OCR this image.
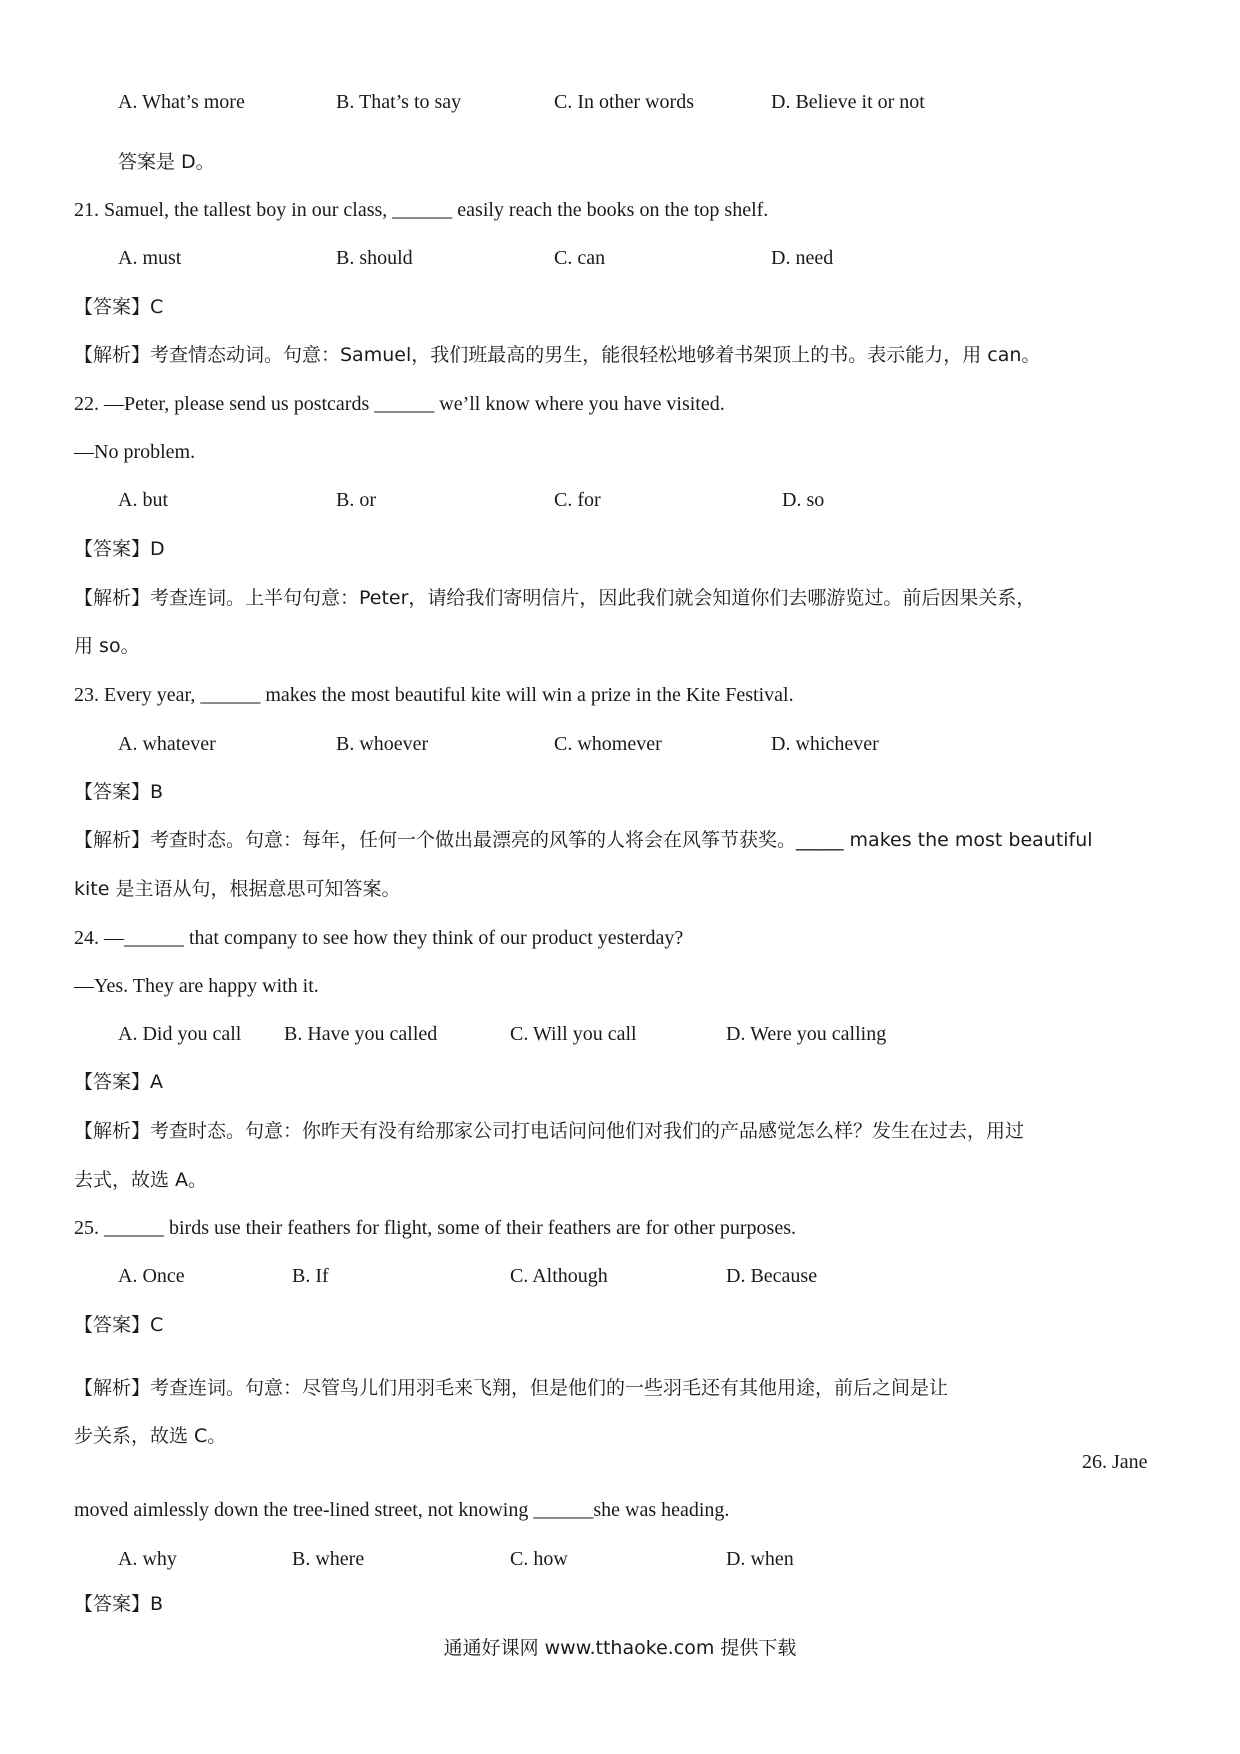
A. What’s more	B. That’s to say	C. In other words	D. Believe it or not
答案是 D。
21. Samuel, the tallest boy in our class, ______ easily reach the books on the top shelf.
A. must	B. should	C. can	D. need
【答案】C
【解析】考查情态动词。句意：Samuel，我们班最高的男生，能很轻松地够着书架顶上的书。表示能力，用 can。
22. —Peter, please send us postcards ______ we’ll know where you have visited.
—No problem.
A. but	B. or	C. for	D. so
【答案】D
【解析】考查连词。上半句句意：Peter，请给我们寄明信片，因此我们就会知道你们去哪游览过。前后因果关系，
用 so。
23. Every year, ______ makes the most beautiful kite will win a prize in the Kite Festival.
A. whatever	B. whoever	C. whomever	D. whichever
【答案】B
【解析】考查时态。句意：每年，任何一个做出最漂亮的风筝的人将会在风筝节获奖。_____ makes the most beautiful
kite 是主语从句，根据意思可知答案。
24. —______ that company to see how they think of our product yesterday?
—Yes. They are happy with it.
A. Did you call B. Have you called	C. Will you call	D. Were you calling
【答案】A
【解析】考查时态。句意：你昨天有没有给那家公司打电话问问他们对我们的产品感觉怎么样？发生在过去，用过
去式，故选 A。
25. ______ birds use their feathers for flight, some of their feathers are for other purposes.
A. Once	B. If	C. Although	D. Because
【答案】C
【解析】考查连词。句意：尽管鸟儿们用羽毛来飞翔，但是他们的一些羽毛还有其他用途，前后之间是让
步关系，故选 C。
26. Jane
moved aimlessly down the tree-lined street, not knowing ______she was heading.
A. why	B. where	C. how	D. when
【答案】B
通通好课网 www.tthaoke.com 提供下载
